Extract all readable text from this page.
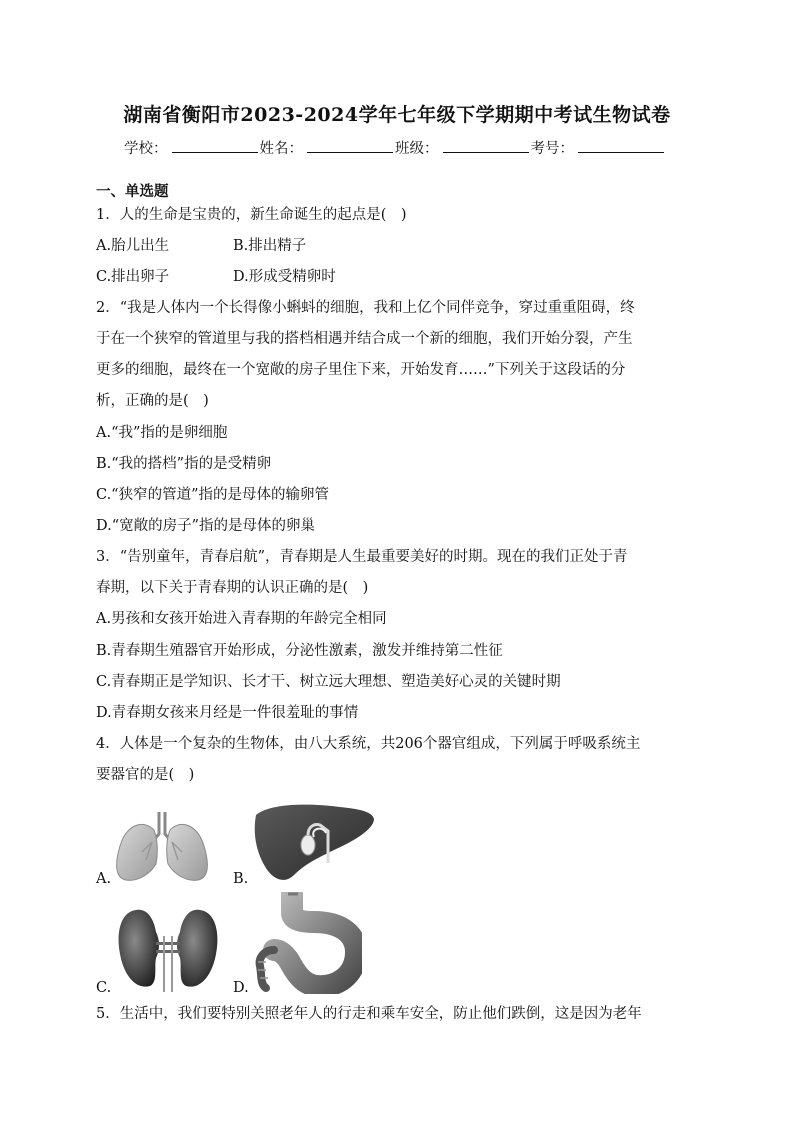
湖南省衡阳市2023-2024学年七年级下学期期中考试生物试卷
学校：	姓名：	班级：	考号：
一、单选题
1．人的生命是宝贵的，新生命诞生的起点是(　)
A.胎儿出生	B.排出精子
C.排出卵子	D.形成受精卵时
2．“我是人体内一个长得像小蝌蚪的细胞，我和上亿个同伴竞争，穿过重重阻碍，终
于在一个狭窄的管道里与我的搭档相遇并结合成一个新的细胞，我们开始分裂，产生
更多的细胞，最终在一个宽敞的房子里住下来，开始发育……”下列关于这段话的分
析，正确的是(　)
A.“我”指的是卵细胞
B.“我的搭档”指的是受精卵
C.“狭窄的管道”指的是母体的输卵管
D.“宽敞的房子”指的是母体的卵巢
3．“告别童年，青春启航”，青春期是人生最重要美好的时期。现在的我们正处于青
春期，以下关于青春期的认识正确的是(　)
A.男孩和女孩开始进入青春期的年龄完全相同
B.青春期生殖器官开始形成，分泌性激素，激发并维持第二性征
C.青春期正是学知识、长才干、树立远大理想、塑造美好心灵的关键时期
D.青春期女孩来月经是一件很羞耻的事情
4．人体是一个复杂的生物体，由八大系统，共206个器官组成，下列属于呼吸系统主
要器官的是(　)
A.	B.
C.	D.
5．生活中，我们要特别关照老年人的行走和乘车安全，防止他们跌倒，这是因为老年
